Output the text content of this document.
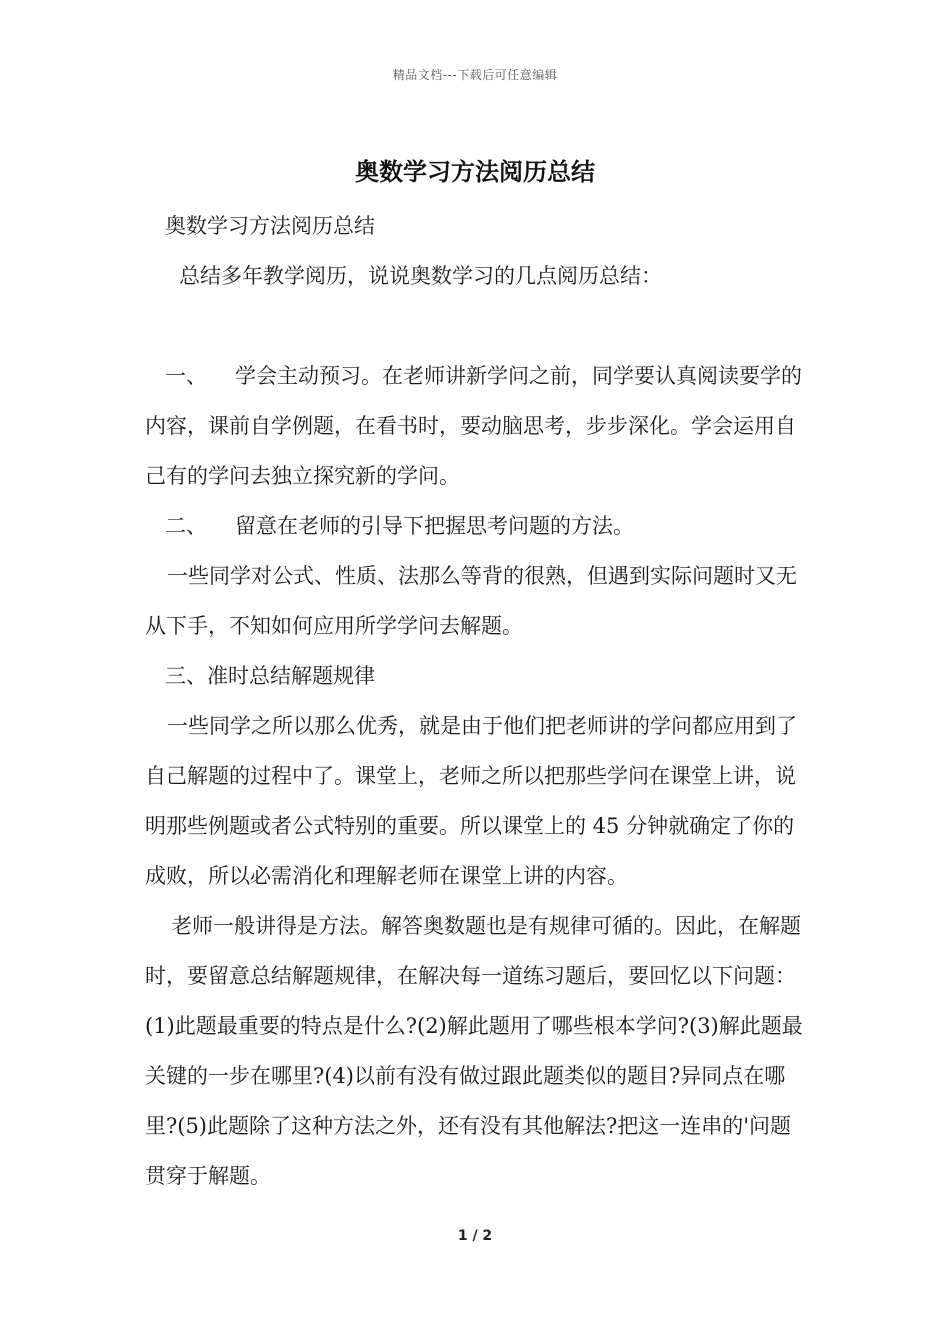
精品文档---下载后可任意编辑
奥数学习方法阅历总结

奥数学习方法阅历总结

总结多年教学阅历，说说奥数学习的几点阅历总结：

一、 学会主动预习。在老师讲新学问之前，同学要认真阅读要学的内容，课前自学例题，在看书时，要动脑思考，步步深化。学会运用自己有的学问去独立探究新的学问。

二、 留意在老师的引导下把握思考问题的方法。

一些同学对公式、性质、法那么等背的很熟，但遇到实际问题时又无从下手，不知如何应用所学学问去解题。

三、准时总结解题规律

一些同学之所以那么优秀，就是由于他们把老师讲的学问都应用到了自己解题的过程中了。课堂上，老师之所以把那些学问在课堂上讲，说明那些例题或者公式特别的重要。所以课堂上的 45 分钟就确定了你的成败，所以必需消化和理解老师在课堂上讲的内容。

老师一般讲得是方法。解答奥数题也是有规律可循的。因此，在解题时，要留意总结解题规律，在解决每一道练习题后，要回忆以下问题：(1)此题最重要的特点是什么?(2)解此题用了哪些根本学问?(3)解此题最关键的一步在哪里?(4)以前有没有做过跟此题类似的题目?异同点在哪里?(5)此题除了这种方法之外，还有没有其他解法?把这一连串的'问题贯穿于解题。

1 / 2
